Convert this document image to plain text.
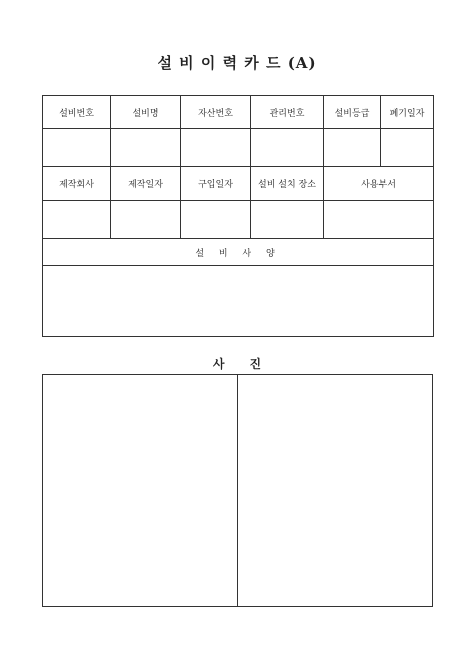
설 비 이 력 카 드 (A)
설비번호	설비명	자산번호	관리번호	설비등급	폐기일자

제작회사	제작일자	구입일자	설비 설치 장소	사용부서	

설 비 사 양					

사      진
